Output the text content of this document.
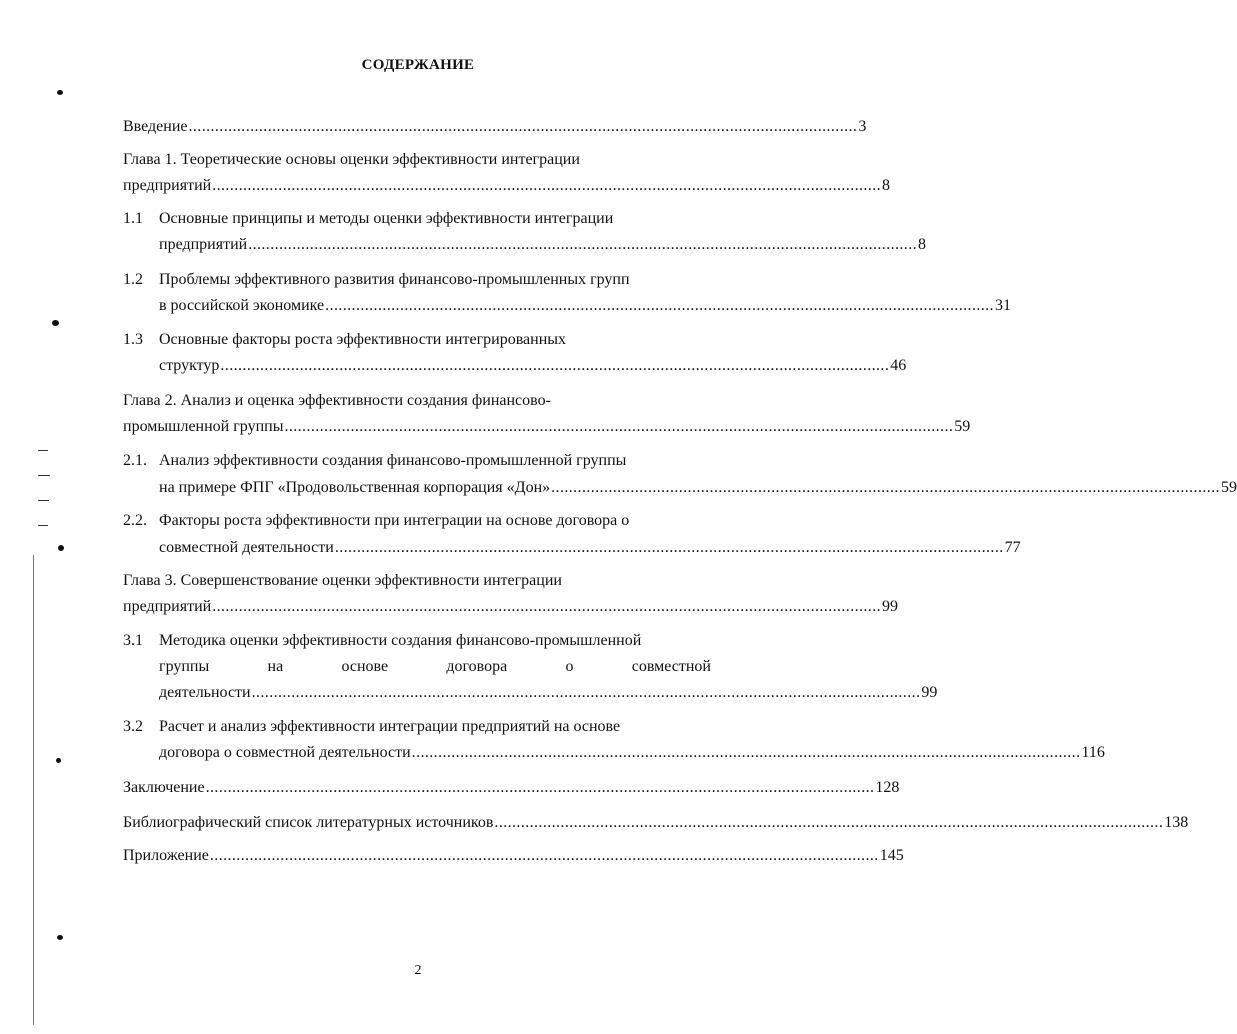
СОДЕРЖАНИЕ
Введение ........................................................................................................................................................ 3
Глава 1. Теоретические основы оценки эффективности интеграции
предприятий ........................................................................................................................................................ 8
1.1 Основные принципы и методы оценки эффективности интеграции
предприятий ........................................................................................................................................................ 8
1.2 Проблемы эффективного развития финансово-промышленных групп
в российской экономике ........................................................................................................................................................ 31
1.3 Основные факторы роста эффективности интегрированных
структур ........................................................................................................................................................ 46
Глава 2. Анализ и оценка эффективности создания финансово-
промышленной группы ........................................................................................................................................................ 59
2.1. Анализ эффективности создания финансово-промышленной группы
на примере ФПГ «Продовольственная корпорация «Дон» ........................................................................................................................................................ 59
2.2. Факторы роста эффективности при интеграции на основе договора о
совместной деятельности ........................................................................................................................................................ 77
Глава 3. Совершенствование оценки эффективности интеграции
предприятий ........................................................................................................................................................ 99
3.1 Методика оценки эффективности создания финансово-промышленной
группы	на	основе	договора	о	совместной
деятельности ........................................................................................................................................................ 99
3.2 Расчет и анализ эффективности интеграции предприятий на основе
договора о совместной деятельности ........................................................................................................................................................ 116
Заключение ........................................................................................................................................................ 128
Библиографический список литературных источников ........................................................................................................................................................ 138
Приложение ........................................................................................................................................................ 145
2
